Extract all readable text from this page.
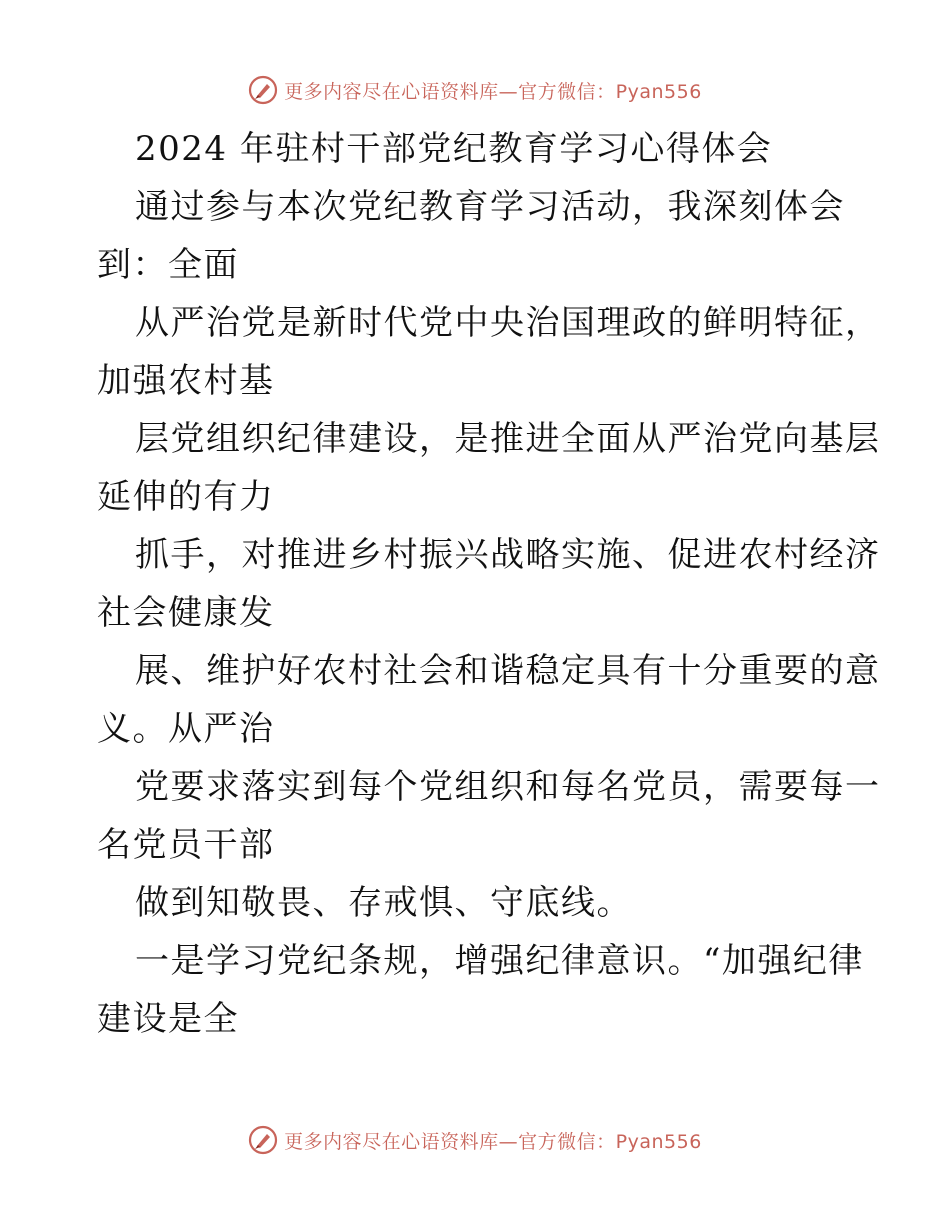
更多内容尽在心语资料库—官方微信：Pyan556
2024 年驻村干部党纪教育学习心得体会
通过参与本次党纪教育学习活动，我深刻体会
到：全面
从严治党是新时代党中央治国理政的鲜明特征，
加强农村基
层党组织纪律建设，是推进全面从严治党向基层
延伸的有力
抓手，对推进乡村振兴战略实施、促进农村经济
社会健康发
展、维护好农村社会和谐稳定具有十分重要的意
义。从严治
党要求落实到每个党组织和每名党员，需要每一
名党员干部
做到知敬畏、存戒惧、守底线。
一是学习党纪条规，增强纪律意识。“加强纪律
建设是全
更多内容尽在心语资料库—官方微信：Pyan556
